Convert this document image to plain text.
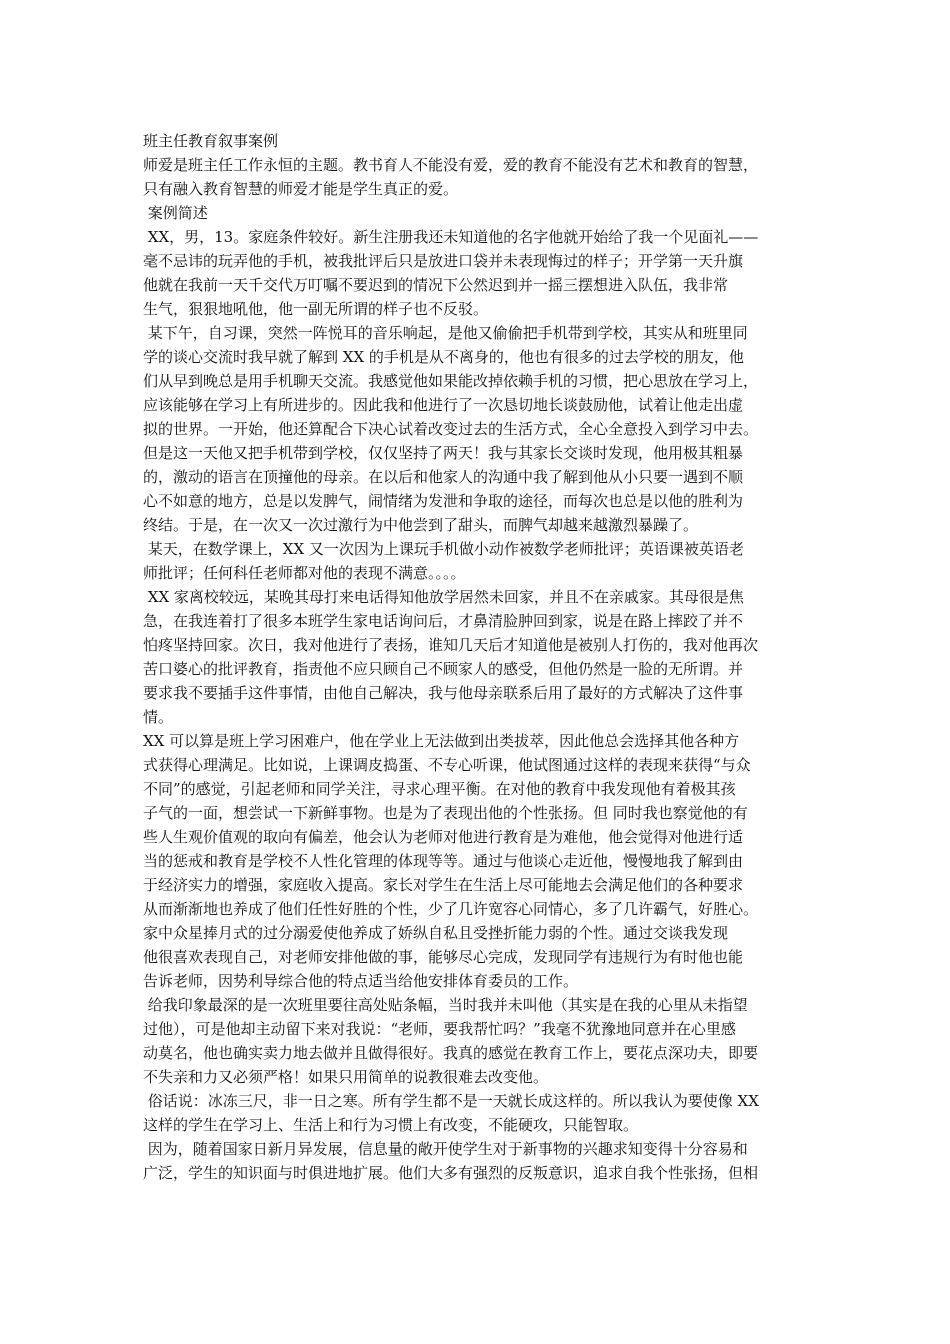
班主任教育叙事案例
师爱是班主任工作永恒的主题。教书育人不能没有爱，爱的教育不能没有艺术和教育的智慧，
只有融入教育智慧的师爱才能是学生真正的爱。
案例简述
XX，男，13。家庭条件较好。新生注册我还未知道他的名字他就开始给了我一个见面礼——
毫不忌讳的玩弄他的手机，被我批评后只是放进口袋并未表现悔过的样子；开学第一天升旗
他就在我前一天千交代万叮嘱不要迟到的情况下公然迟到并一摇三摆想进入队伍，我非常
生气，狠狠地吼他，他一副无所谓的样子也不反驳。
某下午，自习课，突然一阵悦耳的音乐响起，是他又偷偷把手机带到学校，其实从和班里同
学的谈心交流时我早就了解到 XX 的手机是从不离身的，他也有很多的过去学校的朋友，他
们从早到晚总是用手机聊天交流。我感觉他如果能改掉依赖手机的习惯，把心思放在学习上，
应该能够在学习上有所进步的。因此我和他进行了一次恳切地长谈鼓励他，试着让他走出虚
拟的世界。一开始，他还算配合下决心试着改变过去的生活方式，全心全意投入到学习中去。
但是这一天他又把手机带到学校，仅仅坚持了两天！我与其家长交谈时发现，他用极其粗暴
的，激动的语言在顶撞他的母亲。在以后和他家人的沟通中我了解到他从小只要一遇到不顺
心不如意的地方，总是以发脾气，闹情绪为发泄和争取的途径，而每次也总是以他的胜利为
终结。于是，在一次又一次过激行为中他尝到了甜头，而脾气却越来越激烈暴躁了。
某天，在数学课上，XX 又一次因为上课玩手机做小动作被数学老师批评；英语课被英语老
师批评；任何科任老师都对他的表现不满意。。。。
XX 家离校较远，某晚其母打来电话得知他放学居然未回家，并且不在亲戚家。其母很是焦
急，在我连着打了很多本班学生家电话询问后，才鼻清脸肿回到家，说是在路上摔跤了并不
怕疼坚持回家。次日，我对他进行了表扬，谁知几天后才知道他是被别人打伤的，我对他再次
苦口婆心的批评教育，指责他不应只顾自己不顾家人的感受，但他仍然是一脸的无所谓。并
要求我不要插手这件事情，由他自己解决，我与他母亲联系后用了最好的方式解决了这件事
情。
XX 可以算是班上学习困难户，他在学业上无法做到出类拔萃，因此他总会选择其他各种方
式获得心理满足。比如说，上课调皮捣蛋、不专心听课，他试图通过这样的表现来获得“与众
不同”的感觉，引起老师和同学关注，寻求心理平衡。在对他的教育中我发现他有着极其孩
子气的一面，想尝试一下新鲜事物。也是为了表现出他的个性张扬。但 同时我也察觉他的有
些人生观价值观的取向有偏差，他会认为老师对他进行教育是为难他，他会觉得对他进行适
当的惩戒和教育是学校不人性化管理的体现等等。通过与他谈心走近他，慢慢地我了解到由
于经济实力的增强，家庭收入提高。家长对学生在生活上尽可能地去会满足他们的各种要求
从而渐渐地也养成了他们任性好胜的个性，少了几许宽容心同情心，多了几许霸气，好胜心。
家中众星捧月式的过分溺爱使他养成了娇纵自私且受挫折能力弱的个性。通过交谈我发现
他很喜欢表现自己，对老师安排他做的事，能够尽心完成，发现同学有违规行为有时他也能
告诉老师，因势利导综合他的特点适当给他安排体育委员的工作。
给我印象最深的是一次班里要往高处贴条幅，当时我并未叫他（其实是在我的心里从未指望
过他），可是他却主动留下来对我说：“老师，要我帮忙吗？”我毫不犹豫地同意并在心里感
动莫名，他也确实卖力地去做并且做得很好。我真的感觉在教育工作上，要花点深功夫，即要
不失亲和力又必须严格！如果只用简单的说教很难去改变他。
俗话说：冰冻三尺，非一日之寒。所有学生都不是一天就长成这样的。所以我认为要使像 XX
这样的学生在学习上、生活上和行为习惯上有改变，不能硬攻，只能智取。
因为，随着国家日新月异发展，信息量的敞开使学生对于新事物的兴趣求知变得十分容易和
广泛，学生的知识面与时俱进地扩展。他们大多有强烈的反叛意识，追求自我个性张扬，但相
